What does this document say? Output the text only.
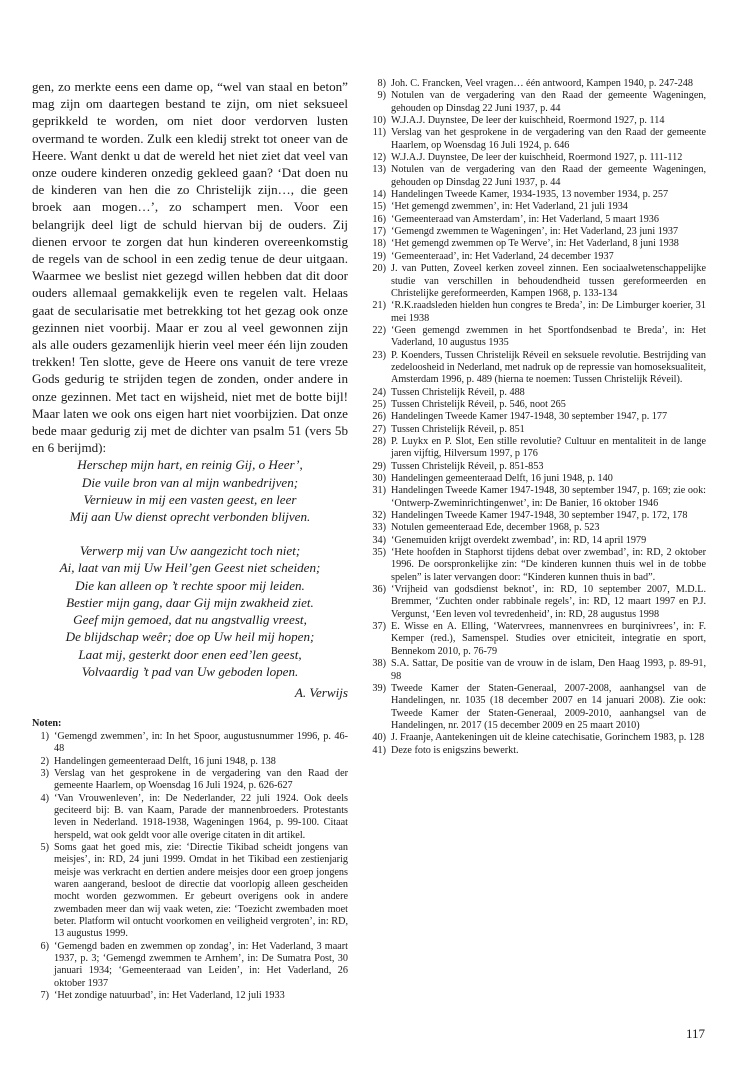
gen, zo merkte eens een dame op, “wel van staal en beton” mag zijn om daartegen bestand te zijn, om niet seksueel geprikkeld te worden, om niet door verdorven lusten overmand te worden. Zulk een kledij strekt tot oneer van de Heere. Want denkt u dat de wereld het niet ziet dat veel van onze oudere kinderen onzedig gekleed gaan? ‘Dat doen nu de kinderen van hen die zo Christelijk zijn…, die geen broek aan mogen…’, zo schampert men. Voor een belangrijk deel ligt de schuld hiervan bij de ouders. Zij dienen ervoor te zorgen dat hun kinderen overeenkomstig de regels van de school in een zedig tenue de deur uitgaan. Waarmee we beslist niet gezegd willen hebben dat dit door ouders allemaal gemakkelijk even te regelen valt. Helaas gaat de secularisatie met betrekking tot het gezag ook onze gezinnen niet voorbij. Maar er zou al veel gewonnen zijn als alle ouders gezamenlijk hierin veel meer één lijn zouden trekken! Ten slotte, geve de Heere ons vanuit de tere vreze Gods gedurig te strijden tegen de zonden, onder andere in onze gezinnen. Met tact en wijsheid, niet met de botte bijl! Maar laten we ook ons eigen hart niet voorbijzien. Dat onze bede maar gedurig zij met de dichter van psalm 51 (vers 5b en 6 berijmd):

Herschep mijn hart, en reinig Gij, o Heer’,
Die vuile bron van al mijn wanbedrijven;
Vernieuw in mij een vasten geest, en leer
Mij aan Uw dienst oprecht verbonden blijven.
Verwerp mij van Uw aangezicht toch niet;
Ai, laat van mij Uw Heil’gen Geest niet scheiden;
Die kan alleen op ’t rechte spoor mij leiden.
Bestier mijn gang, daar Gij mijn zwakheid ziet.
Geef mijn gemoed, dat nu angstvallig vreest,
De blijdschap weêr; doe op Uw heil mij hopen;
Laat mij, gesterkt door enen eed’len geest,
Volvaardig ’t pad van Uw geboden lopen.

A. Verwijs

Noten:
1) ‘Gemengd zwemmen’, in: In het Spoor, augustusnummer 1996, p. 46-48
2) Handelingen gemeenteraad Delft, 16 juni 1948, p. 138
3) Verslag van het gesprokene in de vergadering van den Raad der gemeente Haarlem, op Woensdag 16 Juli 1924, p. 626-627
4) ‘Van Vrouwenleven’, in: De Nederlander, 22 juli 1924. Ook deels geciteerd bij: B. van Kaam, Parade der mannenbroeders. Protestants leven in Nederland. 1918-1938, Wageningen 1964, p. 99-100. Citaat herspeld, wat ook geldt voor alle overige citaten in dit artikel.
5) Soms gaat het goed mis, zie: ‘Directie Tikibad scheidt jongens van meisjes’, in: RD, 24 juni 1999. Omdat in het Tikibad een zestienjarig meisje was verkracht en dertien andere meisjes door een groep jongens waren aangerand, besloot de directie dat voorlopig alleen gescheiden mocht worden gezwommen. Er gebeurt overigens ook in andere zwembaden meer dan wij vaak weten, zie: ‘Toezicht zwembaden moet beter. Platform wil ontucht voorkomen en veiligheid vergroten’, in: RD, 13 augustus 1999.
6) ‘Gemengd baden en zwemmen op zondag’, in: Het Vaderland, 3 maart 1937, p. 3; ‘Gemengd zwemmen te Arnhem’, in: De Sumatra Post, 30 januari 1934; ‘Gemeenteraad van Leiden’, in: Het Vaderland, 26 oktober 1937
7) ‘Het zondige natuurbad’, in: Het Vaderland, 12 juli 1933
8) Joh. C. Francken, Veel vragen… één antwoord, Kampen 1940, p. 247-248
9) Notulen van de vergadering van den Raad der gemeente Wageningen, gehouden op Dinsdag 22 Juni 1937, p. 44
10) W.J.A.J. Duynstee, De leer der kuischheid, Roermond 1927, p. 114
11) Verslag van het gesprokene in de vergadering van den Raad der gemeente Haarlem, op Woensdag 16 Juli 1924, p. 646
12) W.J.A.J. Duynstee, De leer der kuischheid, Roermond 1927, p. 111-112
13) Notulen van de vergadering van den Raad der gemeente Wageningen, gehouden op Dinsdag 22 Juni 1937, p. 44
14) Handelingen Tweede Kamer, 1934-1935, 13 november 1934, p. 257
15) ‘Het gemengd zwemmen’, in: Het Vaderland, 21 juli 1934
16) ‘Gemeenteraad van Amsterdam’, in: Het Vaderland, 5 maart 1936
17) ‘Gemengd zwemmen te Wageningen’, in: Het Vaderland, 23 juni 1937
18) ‘Het gemengd zwemmen op Te Werve’, in: Het Vaderland, 8 juni 1938
19) ‘Gemeenteraad’, in: Het Vaderland, 24 december 1937
20) J. van Putten, Zoveel kerken zoveel zinnen. Een sociaalwetenschappelijke studie van verschillen in behoudendheid tussen gereformeerden en Christelijke gereformeerden, Kampen 1968, p. 133-134
21) ‘R.K.raadsleden hielden hun congres te Breda’, in: De Limburger koerier, 31 mei 1938
22) ‘Geen gemengd zwemmen in het Sportfondsenbad te Breda’, in: Het Vaderland, 10 augustus 1935
23) P. Koenders, Tussen Christelijk Réveil en seksuele revolutie. Bestrijding van zedeloosheid in Nederland, met nadruk op de repressie van homoseksualiteit, Amsterdam 1996, p. 489 (hierna te noemen: Tussen Christelijk Réveil).
24) Tussen Christelijk Réveil, p. 488
25) Tussen Christelijk Réveil, p. 546, noot 265
26) Handelingen Tweede Kamer 1947-1948, 30 september 1947, p. 177
27) Tussen Christelijk Réveil, p. 851
28) P. Luykx en P. Slot, Een stille revolutie? Cultuur en mentaliteit in de lange jaren vijftig, Hilversum 1997, p 176
29) Tussen Christelijk Réveil, p. 851-853
30) Handelingen gemeenteraad Delft, 16 juni 1948, p. 140
31) Handelingen Tweede Kamer 1947-1948, 30 september 1947, p. 169; zie ook: ‘Ontwerp-Zweminrichtingenwet’, in: De Banier, 16 oktober 1946
32) Handelingen Tweede Kamer 1947-1948, 30 september 1947, p. 172, 178
33) Notulen gemeenteraad Ede, december 1968, p. 523
34) ‘Genemuiden krijgt overdekt zwembad’, in: RD, 14 april 1979
35) ‘Hete hoofden in Staphorst tijdens debat over zwembad’, in: RD, 2 oktober 1996. De oorspronkelijke zin: “De kinderen kunnen thuis wel in de tobbe spelen” is later vervangen door: “Kinderen kunnen thuis in bad”.
36) ‘Vrijheid van godsdienst beknot’, in: RD, 10 september 2007, M.D.L. Bremmer, ‘Zuchten onder rabbinale regels’, in: RD, 12 maart 1997 en P.J. Vergunst, ‘Een leven vol tevredenheid’, in: RD, 28 augustus 1998
37) E. Wisse en A. Elling, ‘Watervrees, mannenvrees en burqinivrees’, in: F. Kemper (red.), Samenspel. Studies over etniciteit, integratie en sport, Bennekom 2010, p. 76-79
38) S.A. Sattar, De positie van de vrouw in de islam, Den Haag 1993, p. 89-91, 98
39) Tweede Kamer der Staten-Generaal, 2007-2008, aanhangsel van de Handelingen, nr. 1035 (18 december 2007 en 14 januari 2008). Zie ook: Tweede Kamer der Staten-Generaal, 2009-2010, aanhangsel van de Handelingen, nr. 2017 (15 december 2009 en 25 maart 2010)
40) J. Fraanje, Aantekeningen uit de kleine catechisatie, Gorinchem 1983, p. 128
41) Deze foto is enigszins bewerkt.
117
